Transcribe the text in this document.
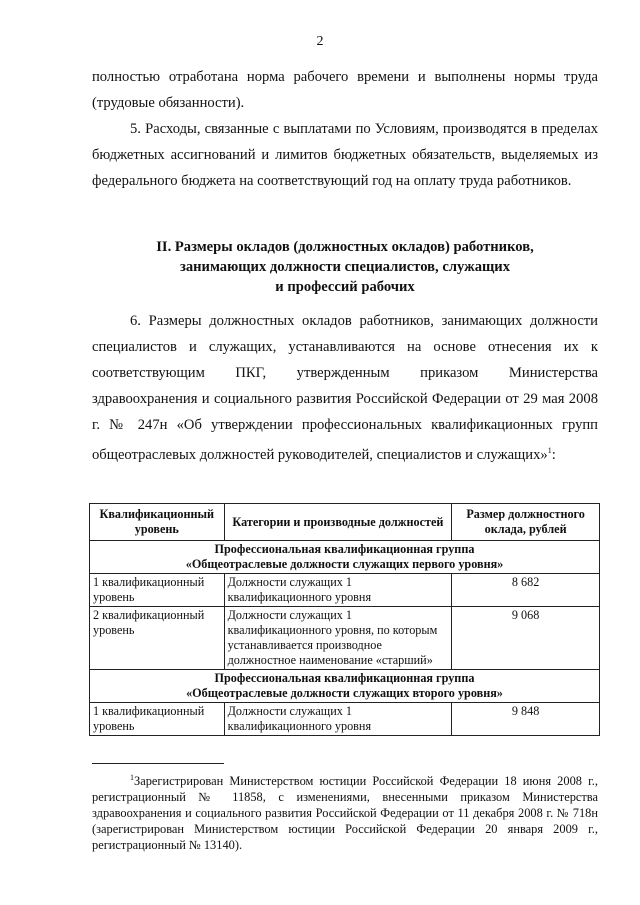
2

полностью отработана норма рабочего времени и выполнены нормы труда (трудовые обязанности).

5. Расходы, связанные с выплатами по Условиям, производятся в пределах бюджетных ассигнований и лимитов бюджетных обязательств, выделяемых из федерального бюджета на соответствующий год на оплату труда работников.

II. Размеры окладов (должностных окладов) работников,
занимающих должности специалистов, служащих
и профессий рабочих

6. Размеры должностных окладов работников, занимающих должности специалистов и служащих, устанавливаются на основе отнесения их к соответствующим ПКГ, утвержденным приказом Министерства здравоохранения и социального развития Российской Федерации от 29 мая 2008 г. № 247н «Об утверждении профессиональных квалификационных групп общеотраслевых должностей руководителей, специалистов и служащих»$^1$:

Квалификационный уровень	Категории и производные должностей	Размер должностного оклада, рублей

Профессиональная квалификационная группа
«Общеотраслевые должности служащих первого уровня»		

1 квалификационный уровень	Должности служащих 1 квалификационного уровня	8 682
2 квалификационный уровень	Должности служащих 1 квалификационного уровня, по которым устанавливается производное должностное наименование «старший»	9 068

Профессиональная квалификационная группа
«Общеотраслевые должности служащих второго уровня»		

1 квалификационный уровень	Должности служащих 1 квалификационного уровня	9 848

$^1$Зарегистрирован Министерством юстиции Российской Федерации 18 июня 2008 г., регистрационный № 11858, с изменениями, внесенными приказом Министерства здравоохранения и социального развития Российской Федерации от 11 декабря 2008 г. № 718н (зарегистрирован Министерством юстиции Российской Федерации 20 января 2009 г., регистрационный № 13140).
